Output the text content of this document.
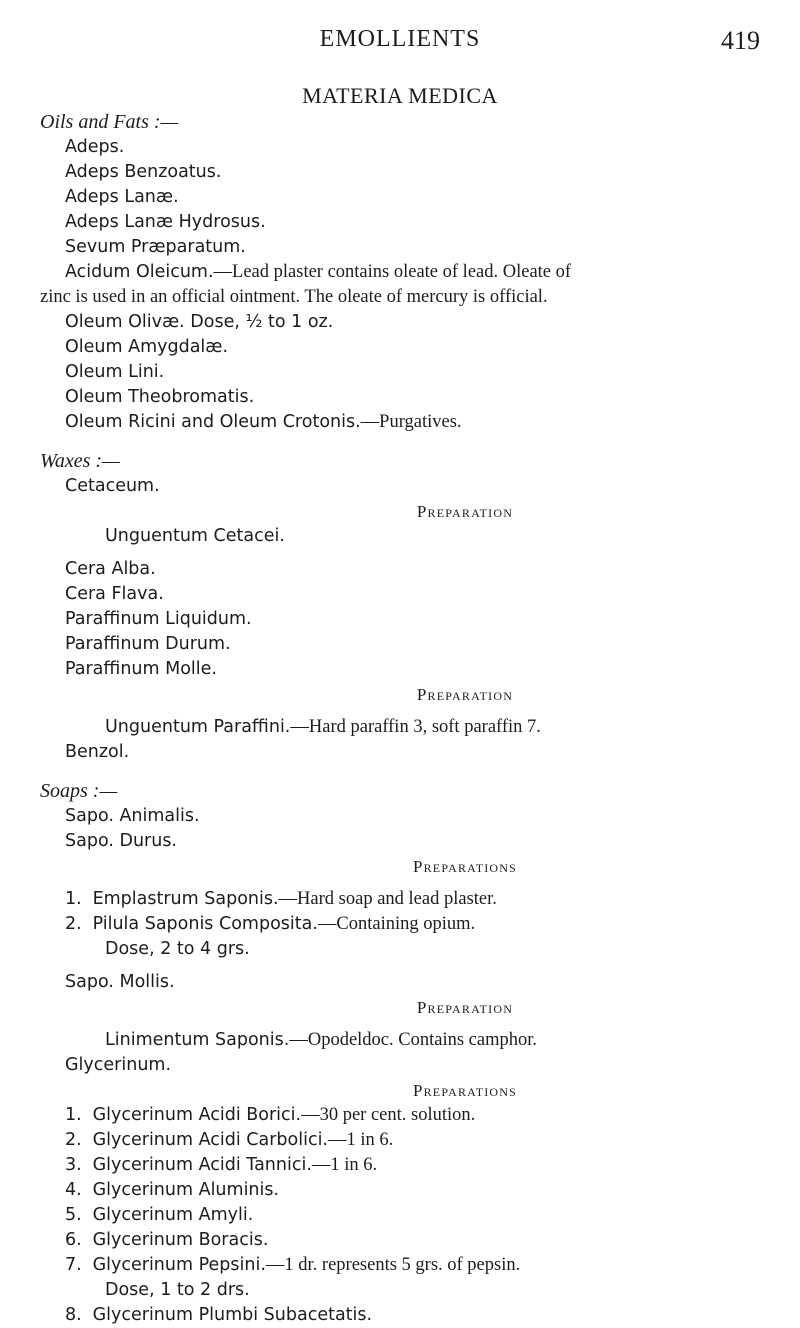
EMOLLIENTS	419
MATERIA MEDICA
Oils and Fats :—
Adeps.
Adeps Benzoatus.
Adeps Lanæ.
Adeps Lanæ Hydrosus.
Sevum Præparatum.
Acidum Oleicum.—Lead plaster contains oleate of lead. Oleate of
zinc is used in an official ointment. The oleate of mercury is official.
Oleum Olivæ. Dose, ½ to 1 oz.
Oleum Amygdalæ.
Oleum Lini.
Oleum Theobromatis.
Oleum Ricini and Oleum Crotonis.—Purgatives.
Waxes :—
Cetaceum.
Preparation
Unguentum Cetacei.
Cera Alba.
Cera Flava.
Paraffinum Liquidum.
Paraffinum Durum.
Paraffinum Molle.
Preparation
Unguentum Paraffini.—Hard paraffin 3, soft paraffin 7.
Benzol.
Soaps :—
Sapo. Animalis.
Sapo. Durus.
Preparations
1. Emplastrum Saponis.—Hard soap and lead plaster.
2. Pilula Saponis Composita.—Containing opium.
Dose, 2 to 4 grs.
Sapo. Mollis.
Preparation
Linimentum Saponis.—Opodeldoc. Contains camphor.
Glycerinum.
Preparations
1. Glycerinum Acidi Borici.—30 per cent. solution.
2. Glycerinum Acidi Carbolici.—1 in 6.
3. Glycerinum Acidi Tannici.—1 in 6.
4. Glycerinum Aluminis.
5. Glycerinum Amyli.
6. Glycerinum Boracis.
7. Glycerinum Pepsini.—1 dr. represents 5 grs. of pepsin.
Dose, 1 to 2 drs.
8. Glycerinum Plumbi Subacetatis.
